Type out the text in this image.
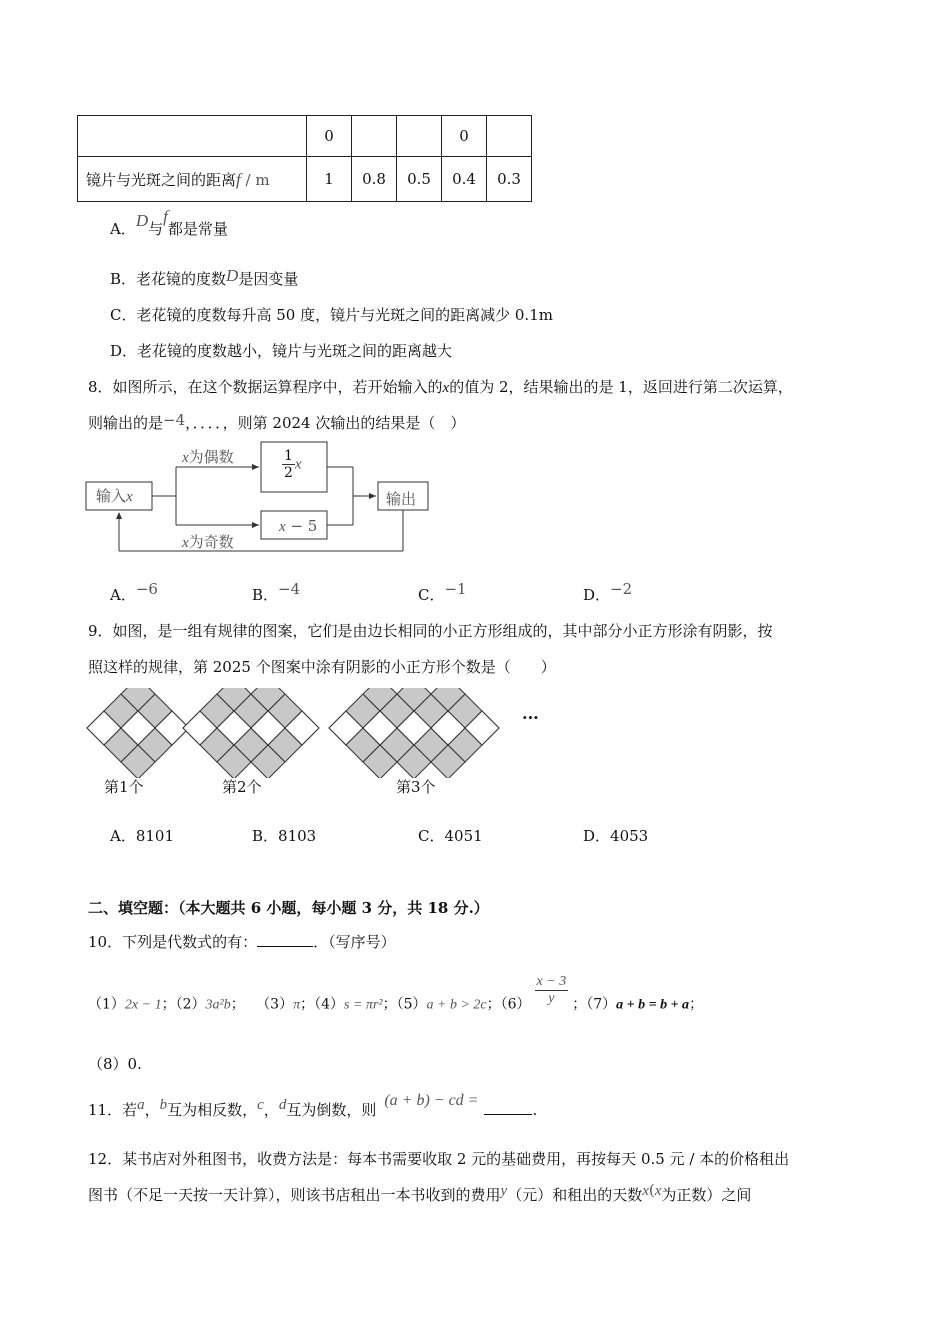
	0			0	
镜片与光斑之间的距离f / m	1	0.8	0.5	0.4	0.3
A．D与f都是常量
B．老花镜的度数D是因变量
C．老花镜的度数每升高 50 度，镜片与光斑之间的距离减少 0.1m
D．老花镜的度数越小，镜片与光斑之间的距离越大
8．如图所示，在这个数据运算程序中，若开始输入的x的值为 2，结果输出的是 1，返回进行第二次运算，
则输出的是−4，．．．．，则第 2024 次输出的结果是（　）
输入x
x为偶数
x为奇数
$\frac{1}{2}$ x
x − 5
输出
A．−6	B．−4	C．−1	D．−2
9．如图，是一组有规律的图案，它们是由边长相同的小正方形组成的，其中部分小正方形涂有阴影，按
照这样的规律，第 2025 个图案中涂有阴影的小正方形个数是（　　）
第1个	第2个	第3个
···
A．8101	B．8103	C．4051	D．4053
二、填空题：（本大题共 6 小题，每小题 3 分，共 18 分.）
10．下列是代数式的有：	．（写序号）
（1）2x − 1；（2）3a²b；　 （3）π；（4）s = πr²；（5）a + b > 2c；$(6) \frac{x - 3}{y}$ ；（7）a + b = b + a；
（8）0.
11．若a，b互为相反数，c，d互为倒数，则(a + b) − cd =.
12．某书店对外租图书，收费方法是：每本书需要收取 2 元的基础费用，再按每天 0.5 元 / 本的价格租出
图书（不足一天按一天计算），则该书店租出一本书收到的费用y（元）和租出的天数x(x为正数）之间
